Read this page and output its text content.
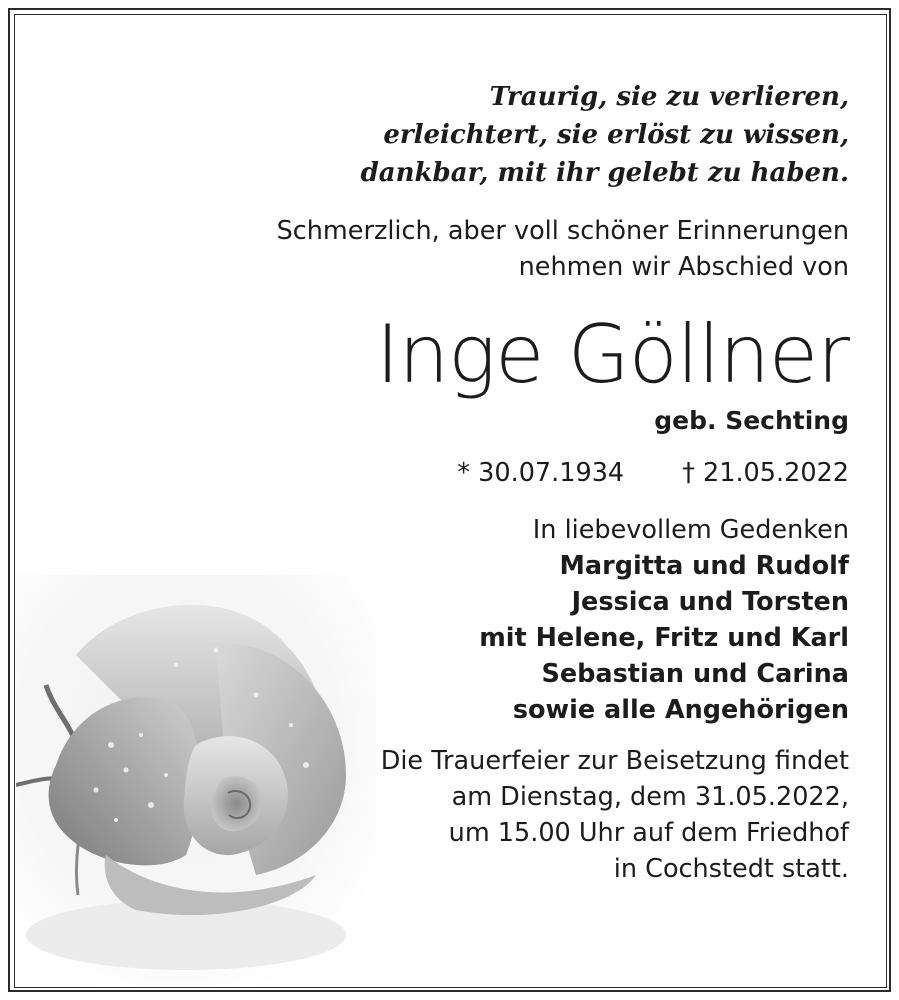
Traurig, sie zu verlieren,
erleichtert, sie erlöst zu wissen,
dankbar, mit ihr gelebt zu haben.
Schmerzlich, aber voll schöner Erinnerungen
nehmen wir Abschied von
Inge Göllner
geb. Sechting
* 30.07.1934 † 21.05.2022
In liebevollem Gedenken
Margitta und Rudolf
Jessica und Torsten
mit Helene, Fritz und Karl
Sebastian und Carina
sowie alle Angehörigen
Die Trauerfeier zur Beisetzung findet
am Dienstag, dem 31.05.2022,
um 15.00 Uhr auf dem Friedhof
in Cochstedt statt.
